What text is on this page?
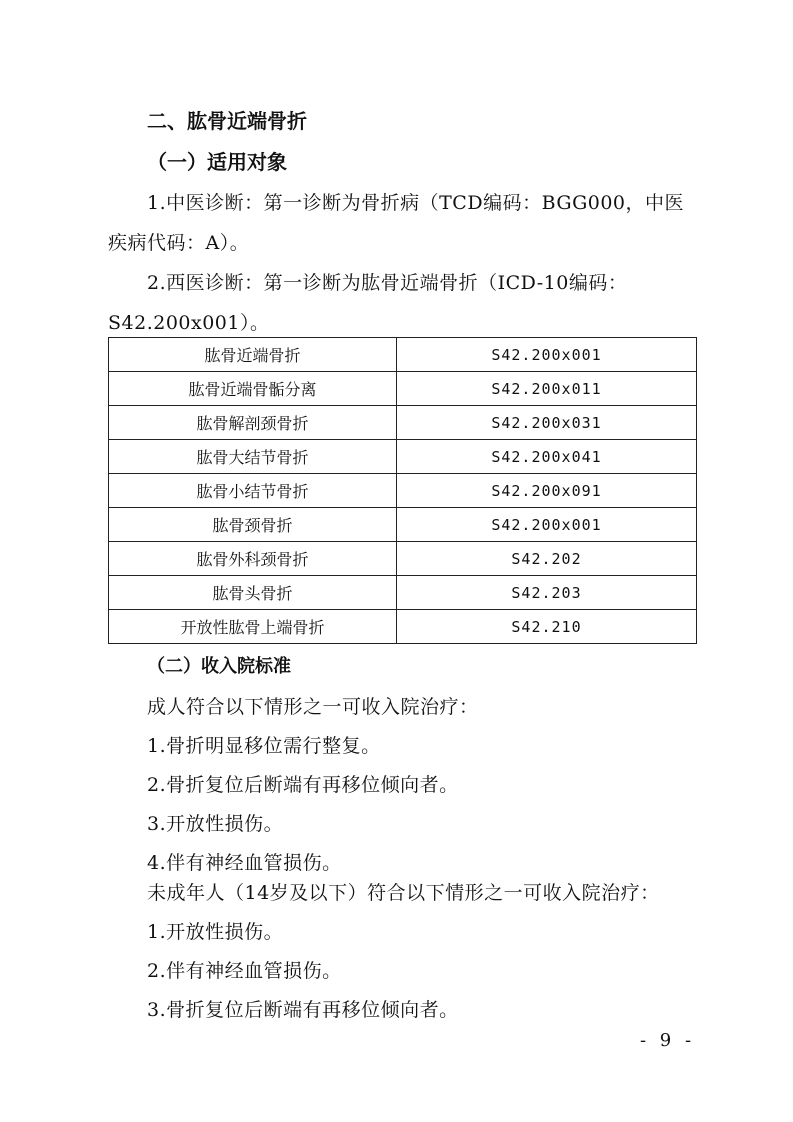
二、肱骨近端骨折
（一）适用对象
1.中医诊断：第一诊断为骨折病（TCD编码：BGG000，中医
疾病代码：A）。
2.西医诊断：第一诊断为肱骨近端骨折（ICD-10编码：
S42.200x001）。
肱骨近端骨折	S42.200x001
肱骨近端骨骺分离	S42.200x011
肱骨解剖颈骨折	S42.200x031
肱骨大结节骨折	S42.200x041
肱骨小结节骨折	S42.200x091
肱骨颈骨折	S42.200x001
肱骨外科颈骨折	S42.202
肱骨头骨折	S42.203
开放性肱骨上端骨折	S42.210
（二）收入院标准
成人符合以下情形之一可收入院治疗：
1.骨折明显移位需行整复。
2.骨折复位后断端有再移位倾向者。
3.开放性损伤。
4.伴有神经血管损伤。
未成年人（14岁及以下）符合以下情形之一可收入院治疗：
1.开放性损伤。
2.伴有神经血管损伤。
3.骨折复位后断端有再移位倾向者。
- 9 -
